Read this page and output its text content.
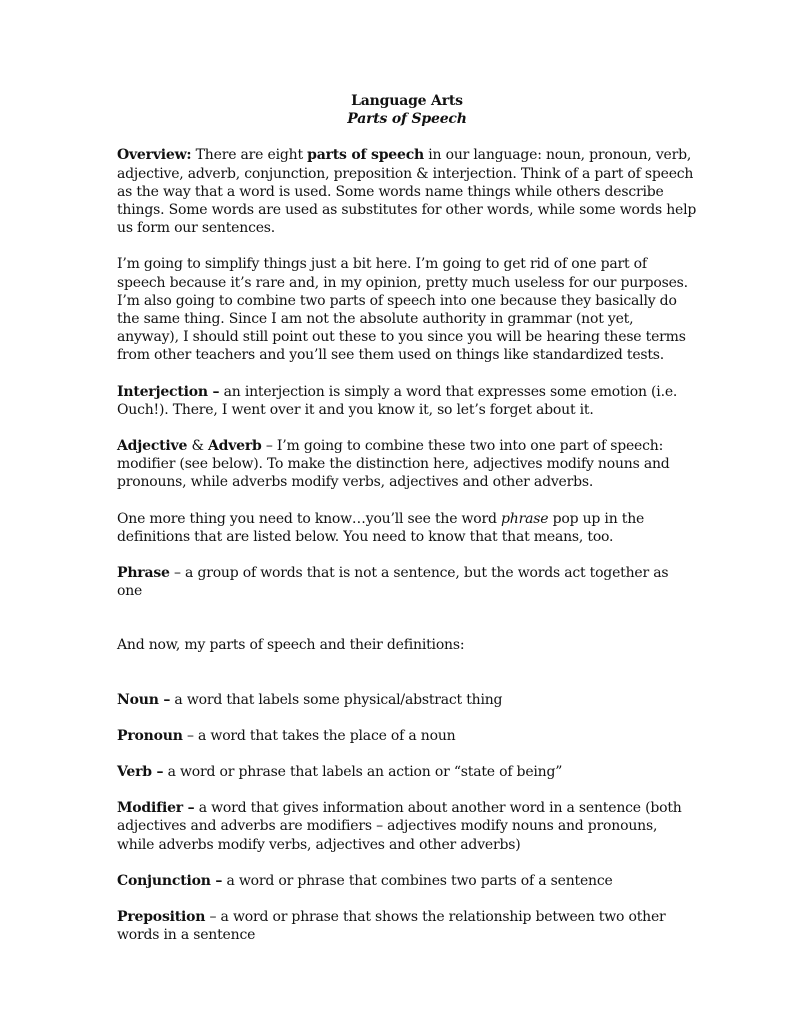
Language Arts
Parts of Speech

Overview: There are eight parts of speech in our language: noun, pronoun, verb, adjective, adverb, conjunction, preposition & interjection. Think of a part of speech as the way that a word is used. Some words name things while others describe things. Some words are used as substitutes for other words, while some words help us form our sentences.

I’m going to simplify things just a bit here. I’m going to get rid of one part of speech because it’s rare and, in my opinion, pretty much useless for our purposes. I’m also going to combine two parts of speech into one because they basically do the same thing. Since I am not the absolute authority in grammar (not yet, anyway), I should still point out these to you since you will be hearing these terms from other teachers and you’ll see them used on things like standardized tests.

Interjection – an interjection is simply a word that expresses some emotion (i.e. Ouch!). There, I went over it and you know it, so let’s forget about it.

Adjective & Adverb – I’m going to combine these two into one part of speech: modifier (see below). To make the distinction here, adjectives modify nouns and pronouns, while adverbs modify verbs, adjectives and other adverbs.

One more thing you need to know…you’ll see the word phrase pop up in the definitions that are listed below. You need to know that that means, too.

Phrase – a group of words that is not a sentence, but the words act together as one

And now, my parts of speech and their definitions:

Noun – a word that labels some physical/abstract thing

Pronoun – a word that takes the place of a noun

Verb – a word or phrase that labels an action or “state of being”

Modifier – a word that gives information about another word in a sentence (both adjectives and adverbs are modifiers – adjectives modify nouns and pronouns, while adverbs modify verbs, adjectives and other adverbs)

Conjunction – a word or phrase that combines two parts of a sentence

Preposition – a word or phrase that shows the relationship between two other words in a sentence
